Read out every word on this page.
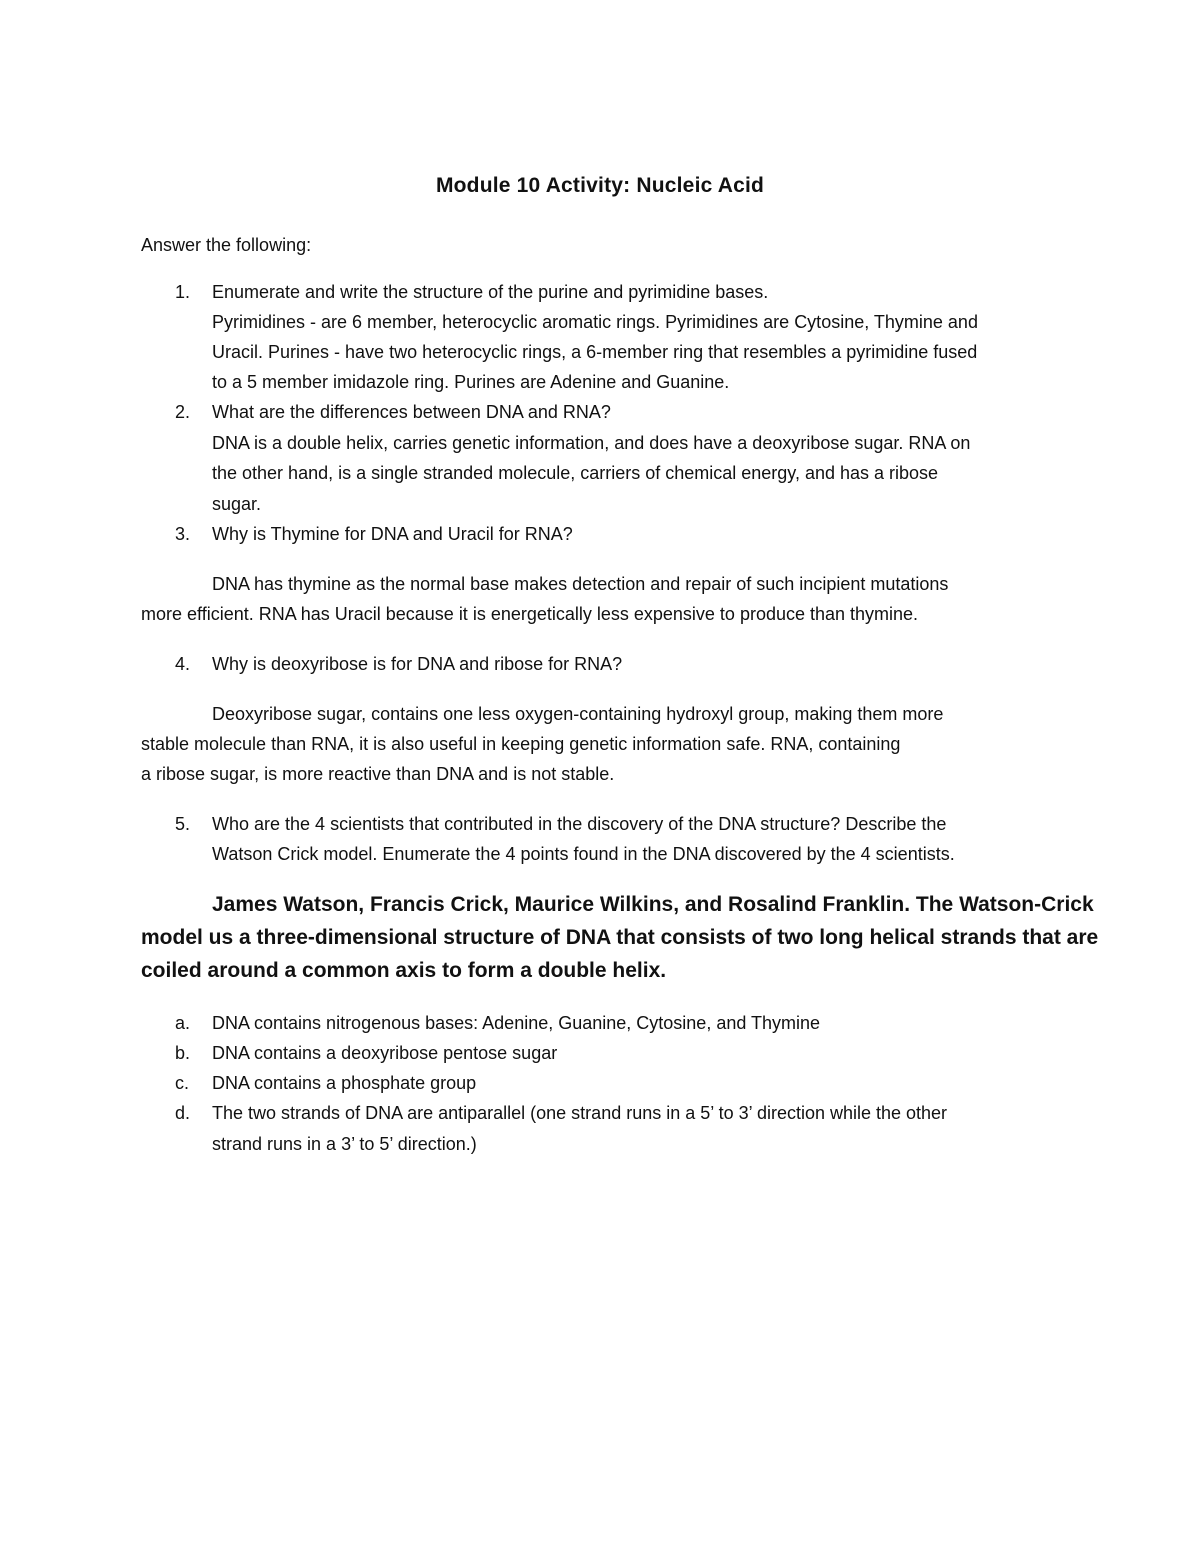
Module 10 Activity: Nucleic Acid
Answer the following:
1. Enumerate and write the structure of the purine and pyrimidine bases.
Pyrimidines - are 6 member, heterocyclic aromatic rings. Pyrimidines are Cytosine, Thymine and
Uracil. Purines - have two heterocyclic rings, a 6-member ring that resembles a pyrimidine fused
to a 5 member imidazole ring. Purines are Adenine and Guanine.
2. What are the differences between DNA and RNA?
DNA is a double helix, carries genetic information, and does have a deoxyribose sugar. RNA on
the other hand, is a single stranded molecule, carriers of chemical energy, and has a ribose
sugar.
3. Why is Thymine for DNA and Uracil for RNA?
DNA has thymine as the normal base makes detection and repair of such incipient mutations
more efficient. RNA has Uracil because it is energetically less expensive to produce than thymine.
4. Why is deoxyribose is for DNA and ribose for RNA?
Deoxyribose sugar, contains one less oxygen-containing hydroxyl group, making them more
stable molecule than RNA, it is also useful in keeping genetic information safe. RNA, containing
a ribose sugar, is more reactive than DNA and is not stable.
5. Who are the 4 scientists that contributed in the discovery of the DNA structure? Describe the
Watson Crick model. Enumerate the 4 points found in the DNA discovered by the 4 scientists.
James Watson, Francis Crick, Maurice Wilkins, and Rosalind Franklin. The Watson-Crick
model us a three-dimensional structure of DNA that consists of two long helical strands that are
coiled around a common axis to form a double helix.
a. DNA contains nitrogenous bases: Adenine, Guanine, Cytosine, and Thymine
b. DNA contains a deoxyribose pentose sugar
c. DNA contains a phosphate group
d. The two strands of DNA are antiparallel (one strand runs in a 5’ to 3’ direction while the other
strand runs in a 3’ to 5’ direction.)
